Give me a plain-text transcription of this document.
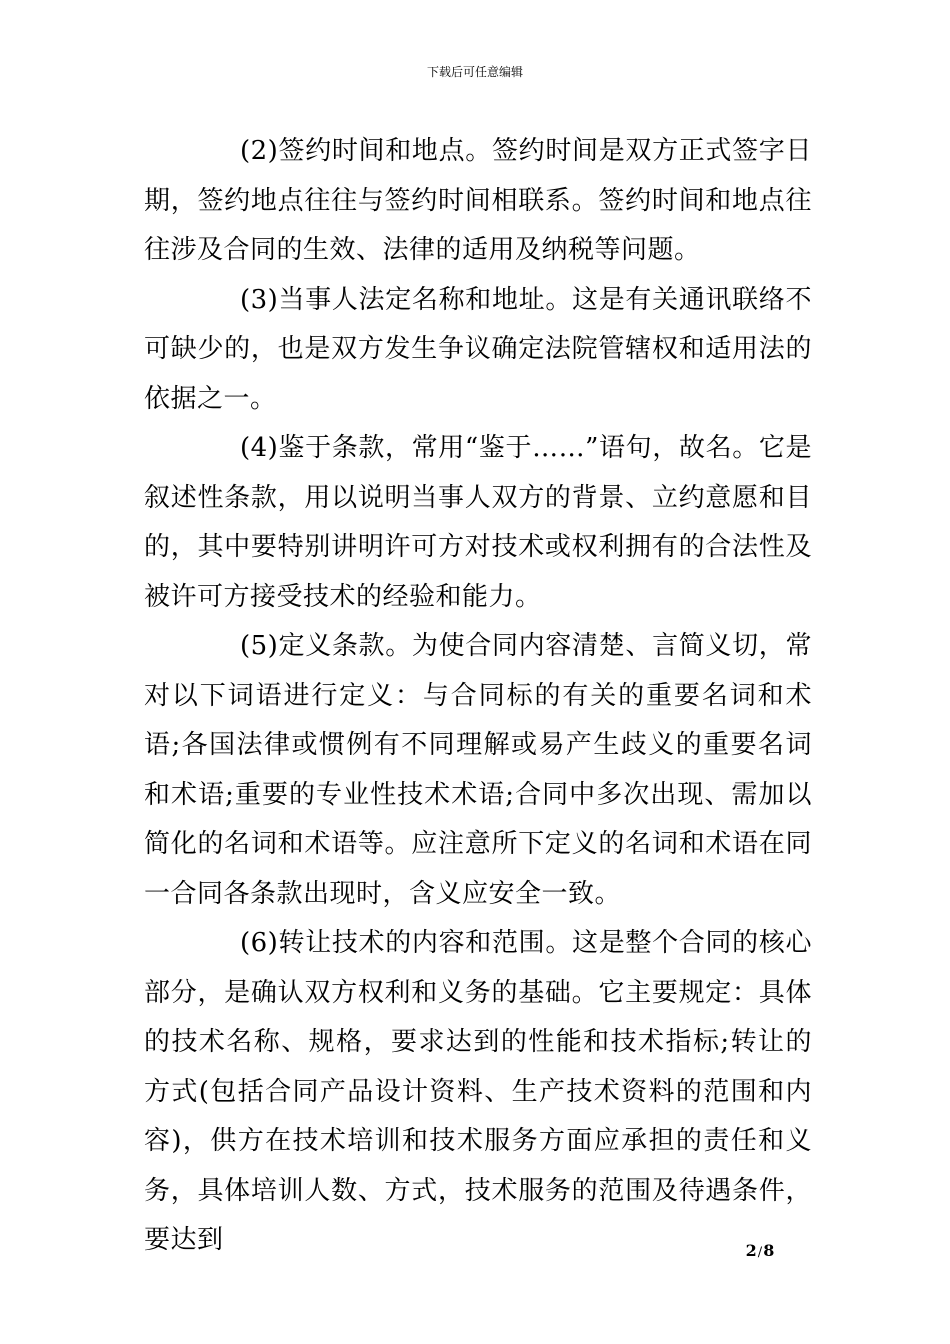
下载后可任意编辑

(2)签约时间和地点。签约时间是双方正式签字日期，签约地点往往与签约时间相联系。签约时间和地点往往涉及合同的生效、法律的适用及纳税等问题。

(3)当事人法定名称和地址。这是有关通讯联络不可缺少的，也是双方发生争议确定法院管辖权和适用法的依据之一。

(4)鉴于条款，常用“鉴于……”语句，故名。它是叙述性条款，用以说明当事人双方的背景、立约意愿和目的，其中要特别讲明许可方对技术或权利拥有的合法性及被许可方接受技术的经验和能力。

(5)定义条款。为使合同内容清楚、言简义切，常对以下词语进行定义：与合同标的有关的重要名词和术语;各国法律或惯例有不同理解或易产生歧义的重要名词和术语;重要的专业性技术术语;合同中多次出现、需加以简化的名词和术语等。应注意所下定义的名词和术语在同一合同各条款出现时，含义应安全一致。

(6)转让技术的内容和范围。这是整个合同的核心部分，是确认双方权利和义务的基础。它主要规定：具体的技术名称、规格，要求达到的性能和技术指标;转让的方式(包括合同产品设计资料、生产技术资料的范围和内容)，供方在技术培训和技术服务方面应承担的责任和义务，具体培训人数、方式，技术服务的范围及待遇条件，要达到	2/8
